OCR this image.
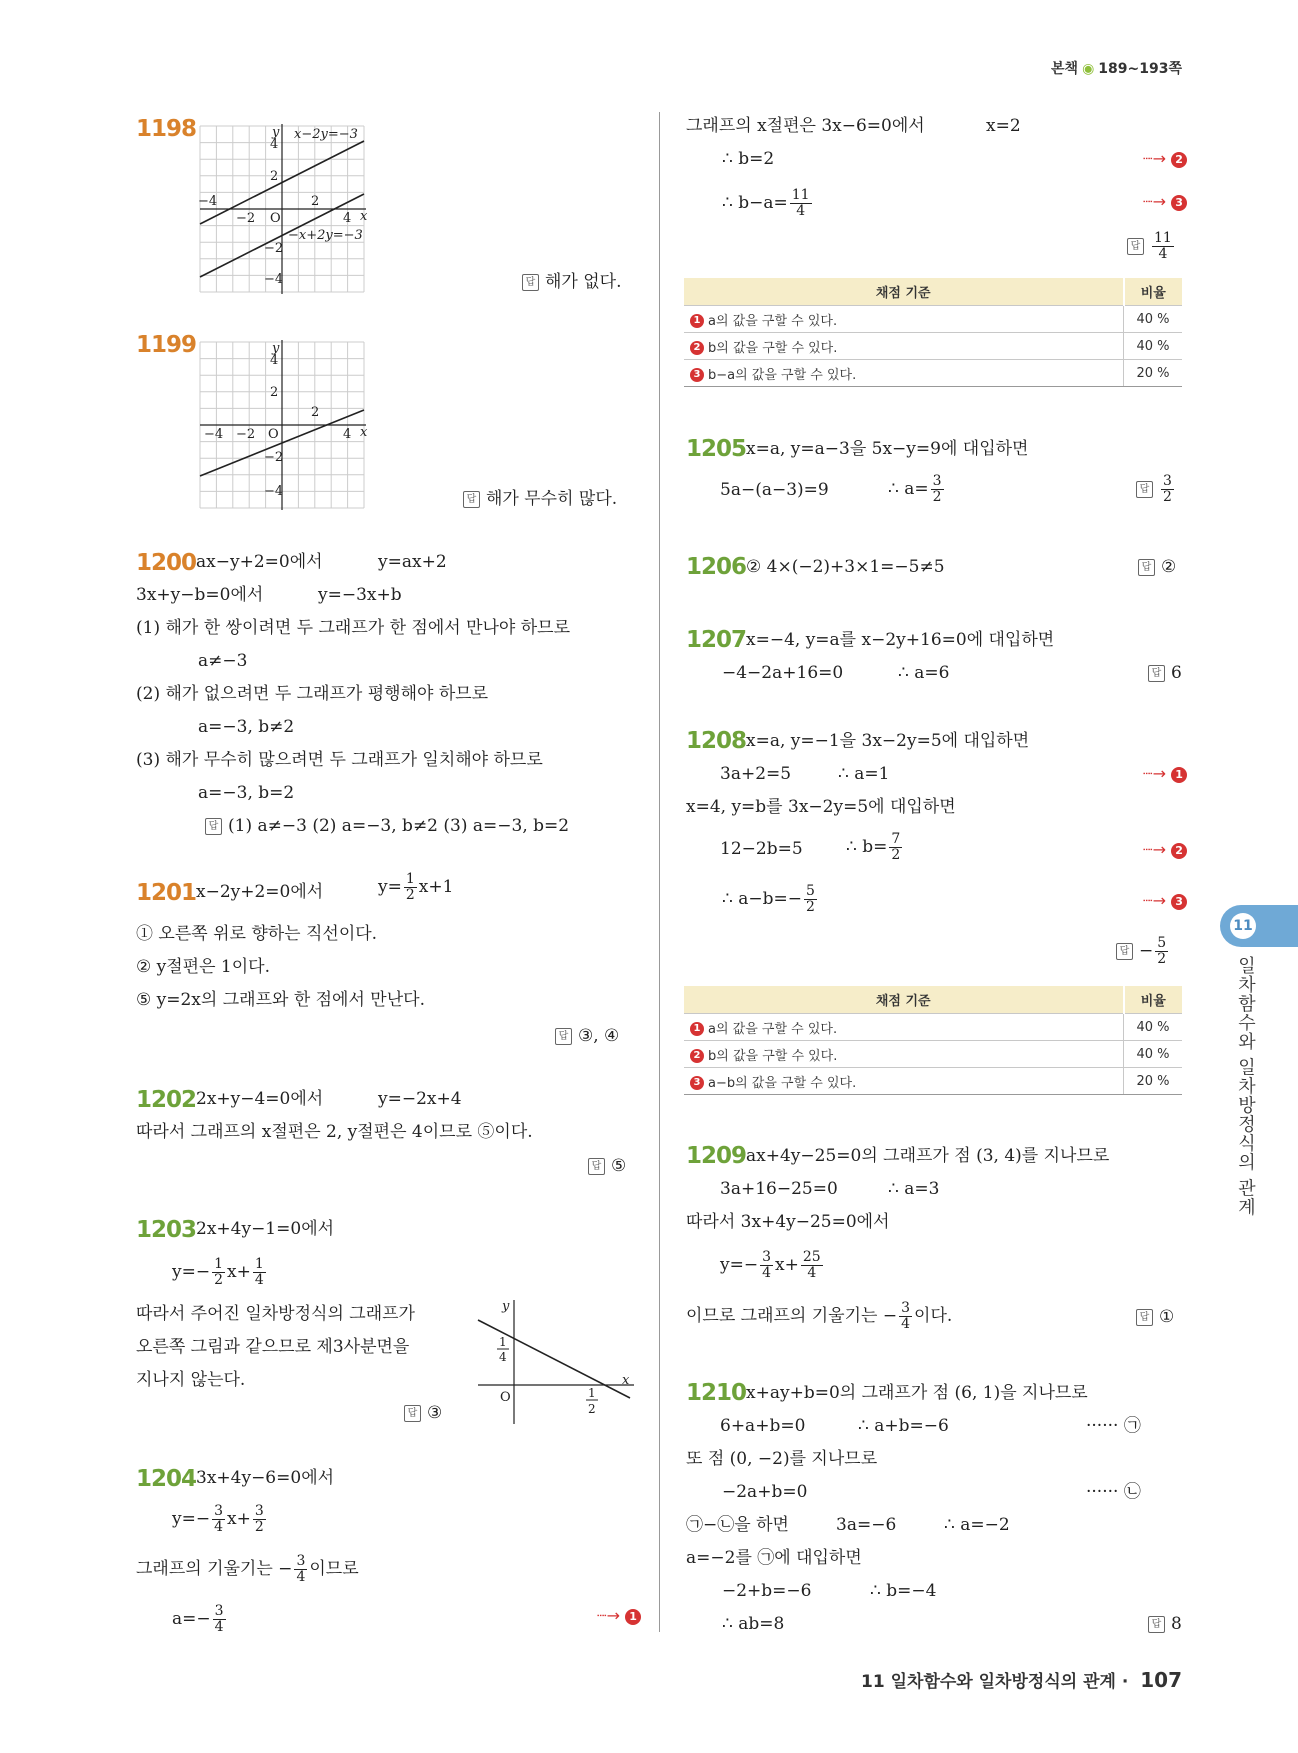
본책 ◉ 189~193쪽
1198	y
x
O
4
2
−4
−2
2
4
−2
−4
x−2y=−3
−x+2y=−3
답 해가 없다.
1199	y
x
O
4
2
−4 −2
2
4
−2
−4
답 해가 무수히 많다.
1200 ax−y+2=0에서	y=ax+2
3x+y−b=0에서	y=−3x+b
(1) 해가 한 쌍이려면 두 그래프가 한 점에서 만나야 하므로
a≠−3
(2) 해가 없으려면 두 그래프가 평행해야 하므로
a=−3, b≠2
(3) 해가 무수히 많으려면 두 그래프가 일치해야 하므로
a=−3, b=2
답 (1) a≠−3 (2) a=−3, b≠2 (3) a=−3, b=2
1201 x−2y+2=0에서	$y= \frac{1}{2} x+1$
① 오른쪽 위로 향하는 직선이다.
② y절편은 1이다.
⑤ y=2x의 그래프와 한 점에서 만난다.
답 ③, ④
1202 2x+y−4=0에서	y=−2x+4
따라서 그래프의 x절편은 2, y절편은 4이므로 ⑤이다.
답 ⑤
1203 2x+4y−1=0에서
$y=- \frac{1}{2} x+ \frac{1}{4}$
따라서 주어진 일차방정식의 그래프가
오른쪽 그림과 같으므로 제3사분면을
지나지 않는다.
답 ③
y
x
O
1
4
1
2
1204 3x+4y−6=0에서
$y=- \frac{3}{4} x+ \frac{3}{2}$
그래프의 기울기는 − $\frac{3}{4}$ 이므로
$a=- \frac{3}{4}$	┈→ 1
그래프의 x절편은 3x−6=0에서	x=2
∴ b=2	┈→ 2
∴ $b-a= \frac{11}{4}$	┈→ 3
답 $\frac{11}{4}$
채점 기준	비율
1 a의 값을 구할 수 있다.	40 %
2 b의 값을 구할 수 있다.	40 %
3 b−a의 값을 구할 수 있다.	20 %
1205 x=a, y=a−3을 5x−y=9에 대입하면
5a−(a−3)=9	∴ $a= \frac{3}{2}$	답 $\frac{3}{2}$
1206 ② 4×(−2)+3×1=−5≠5	답 ②
1207 x=−4, y=a를 x−2y+16=0에 대입하면
−4−2a+16=0	∴ a=6	답 6
1208 x=a, y=−1을 3x−2y=5에 대입하면
3a+2=5	∴ a=1	┈→ 1
x=4, y=b를 3x−2y=5에 대입하면
12−2b=5	∴ $b= \frac{7}{2}$	┈→ 2
∴ $a-b=- \frac{5}{2}$	┈→ 3
답 − $\frac{5}{2}$
채점 기준	비율
1 a의 값을 구할 수 있다.	40 %
2 b의 값을 구할 수 있다.	40 %
3 a−b의 값을 구할 수 있다.	20 %
1209 ax+4y−25=0의 그래프가 점 (3, 4)를 지나므로
3a+16−25=0	∴ a=3
따라서 3x+4y−25=0에서
$y=- \frac{3}{4} x+ \frac{25}{4}$
이므로 그래프의 기울기는 − $\frac{3}{4}$ 이다.	답 ①
1210 x+ay+b=0의 그래프가 점 (6, 1)을 지나므로
6+a+b=0	∴ a+b=−6	······ ㉠
또 점 (0, −2)를 지나므로
−2a+b=0	······ ㉡
㉠−㉡을 하면	3a=−6	∴ a=−2
a=−2를 ㉠에 대입하면
−2+b=−6	∴ b=−4
∴ ab=8	답 8
11
일차함수와 일차방정식의 관계
11 일차함수와 일차방정식의 관계 · 107
